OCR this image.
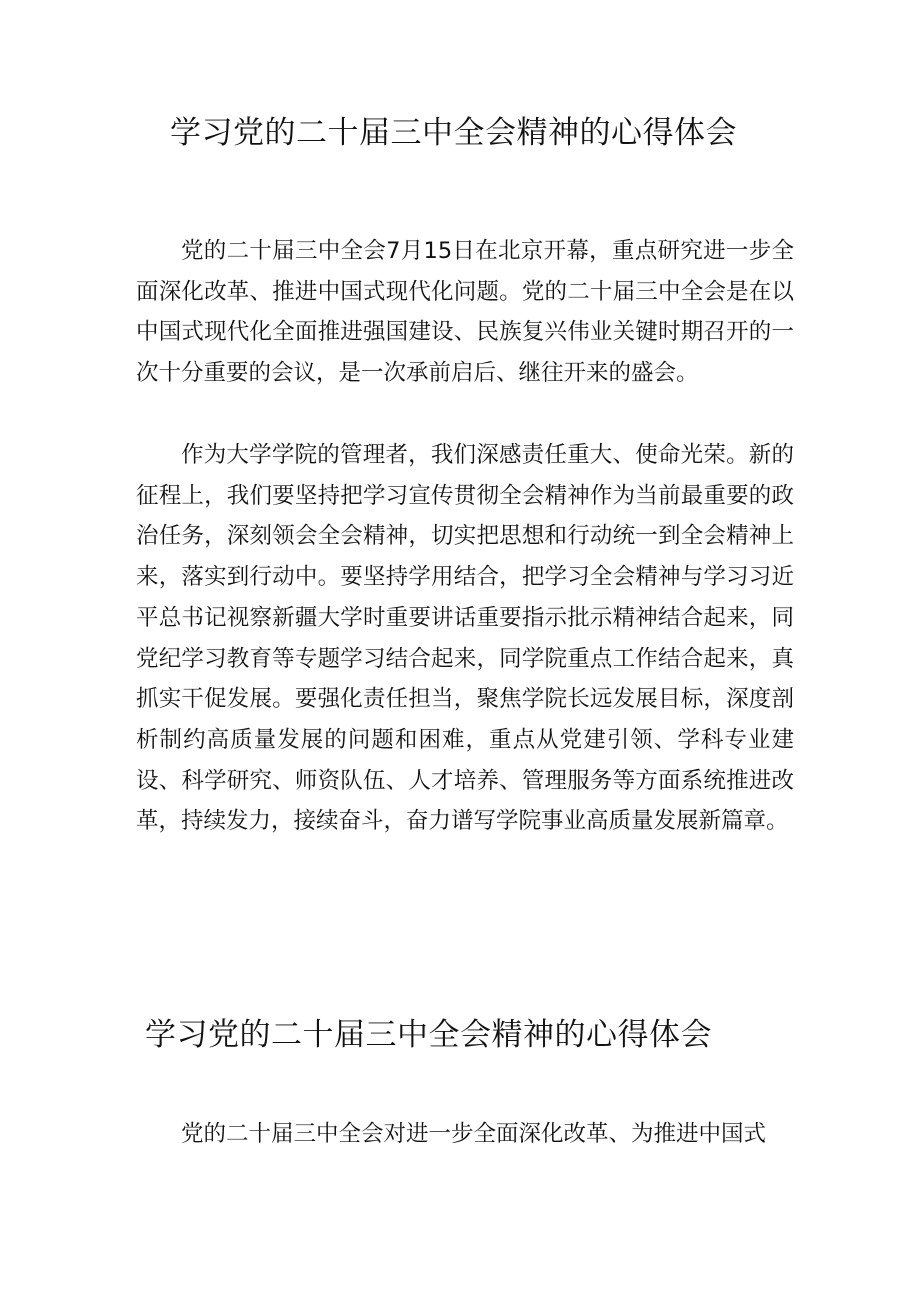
学习党的二十届三中全会精神的心得体会

党的二十届三中全会7月15日在北京开幕，重点研究进一步全面深化改革、推进中国式现代化问题。党的二十届三中全会是在以中国式现代化全面推进强国建设、民族复兴伟业关键时期召开的一次十分重要的会议，是一次承前启后、继往开来的盛会。

作为大学学院的管理者，我们深感责任重大、使命光荣。新的征程上，我们要坚持把学习宣传贯彻全会精神作为当前最重要的政治任务，深刻领会全会精神，切实把思想和行动统一到全会精神上来，落实到行动中。要坚持学用结合，把学习全会精神与学习习近平总书记视察新疆大学时重要讲话重要指示批示精神结合起来，同党纪学习教育等专题学习结合起来，同学院重点工作结合起来，真抓实干促发展。要强化责任担当，聚焦学院长远发展目标，深度剖析制约高质量发展的问题和困难，重点从党建引领、学科专业建设、科学研究、师资队伍、人才培养、管理服务等方面系统推进改革，持续发力，接续奋斗，奋力谱写学院事业高质量发展新篇章。

学习党的二十届三中全会精神的心得体会

党的二十届三中全会对进一步全面深化改革、为推进中国式
